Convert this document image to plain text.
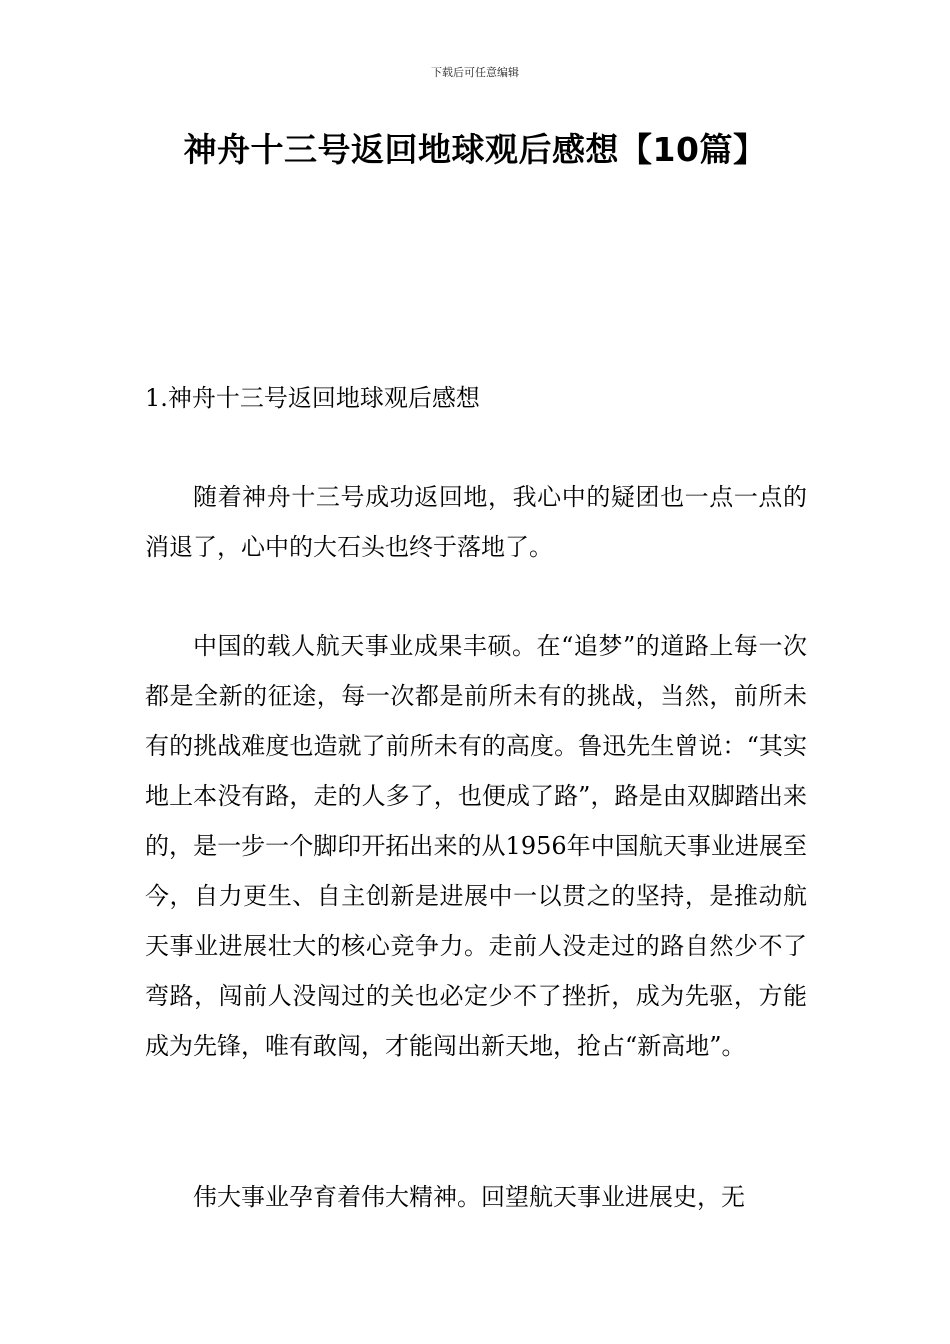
下载后可任意编辑
神舟十三号返回地球观后感想【10篇】
1.神舟十三号返回地球观后感想

随着神舟十三号成功返回地，我心中的疑团也一点一点的消退了，心中的大石头也终于落地了。

中国的载人航天事业成果丰硕。在“追梦”的道路上每一次都是全新的征途，每一次都是前所未有的挑战，当然，前所未有的挑战难度也造就了前所未有的高度。鲁迅先生曾说：“其实地上本没有路，走的人多了，也便成了路”，路是由双脚踏出来的，是一步一个脚印开拓出来的从1956年中国航天事业进展至今，自力更生、自主创新是进展中一以贯之的坚持，是推动航天事业进展壮大的核心竞争力。走前人没走过的路自然少不了弯路，闯前人没闯过的关也必定少不了挫折，成为先驱，方能成为先锋，唯有敢闯，才能闯出新天地，抢占“新高地”。

伟大事业孕育着伟大精神。回望航天事业进展史，无
